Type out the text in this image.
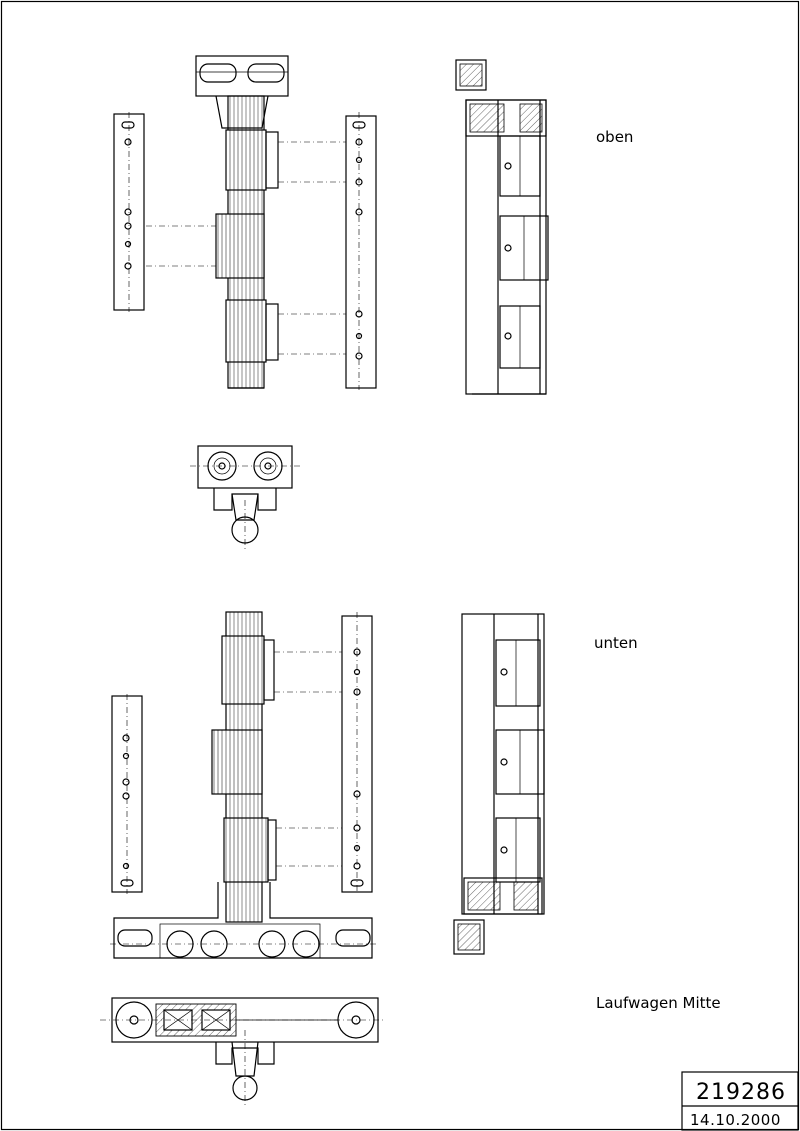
oben
unten
Laufwagen Mitte
219286
14.10.2000
